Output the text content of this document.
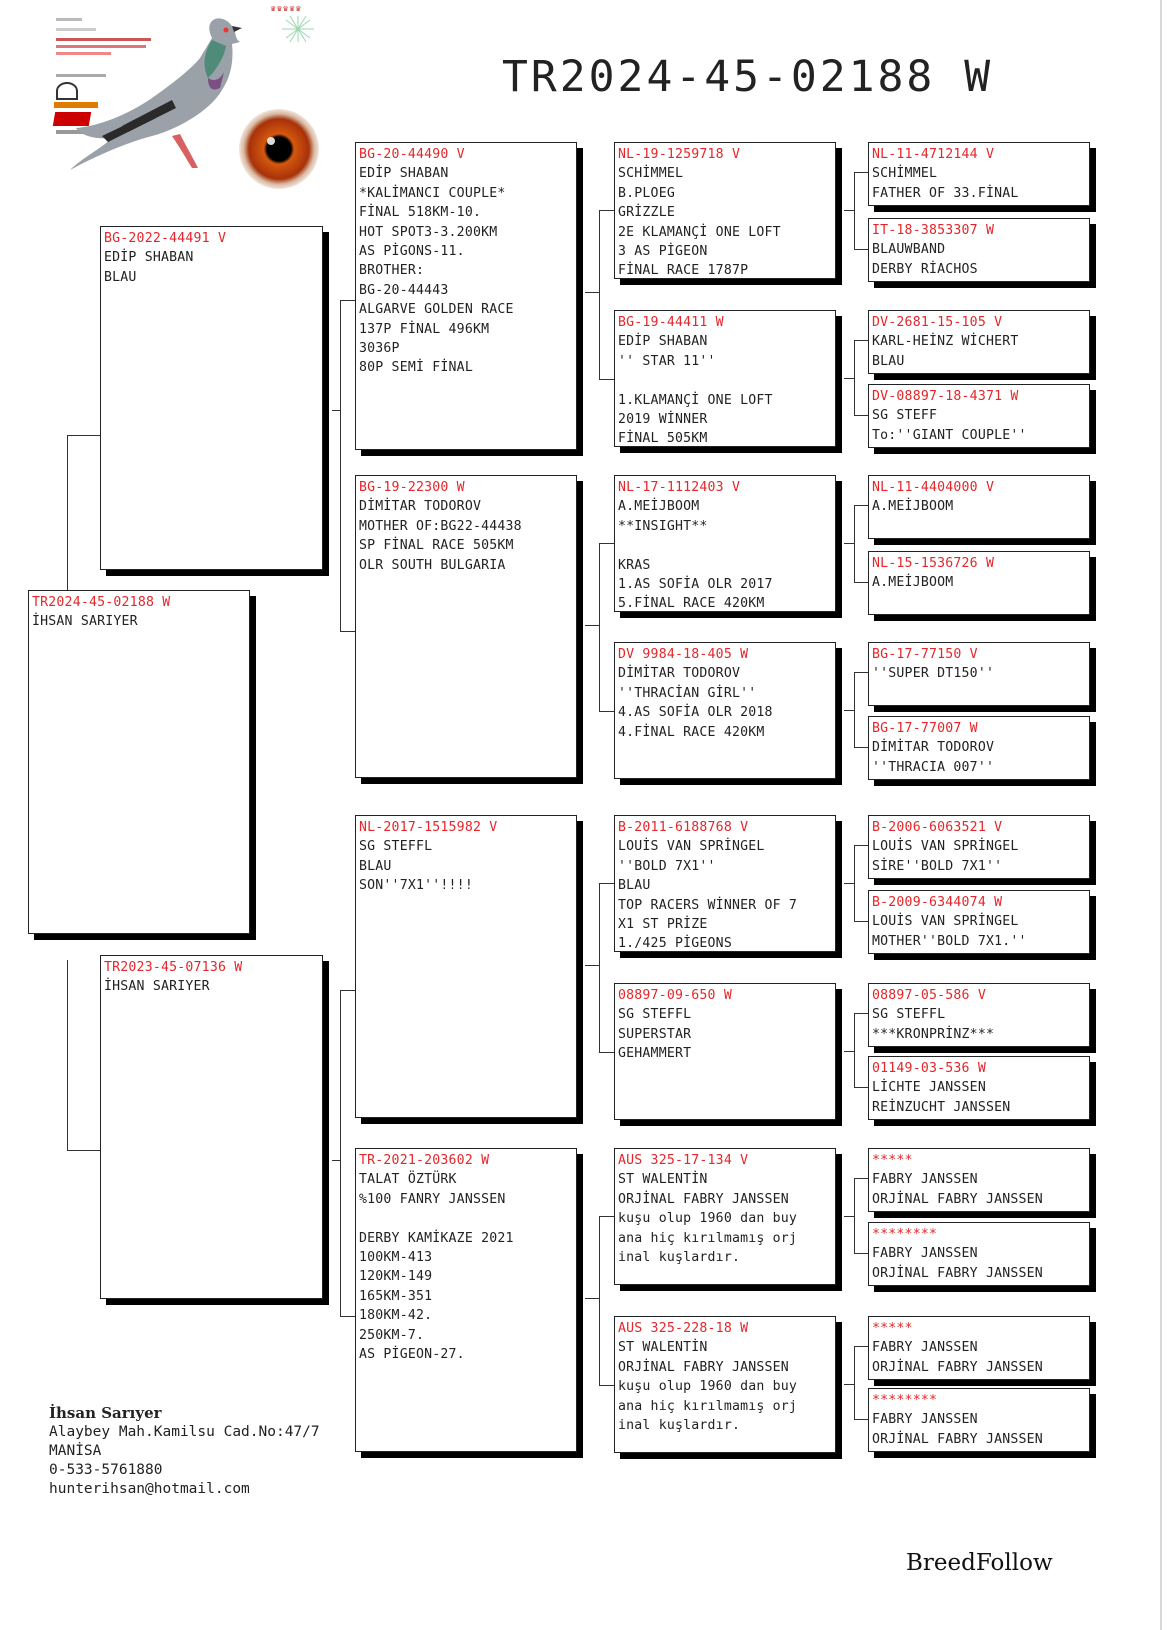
♛♛♛♛♛
TR2024-45-02188 W
TR2024-45-02188 W
İHSAN SARIYER
BG-2022-44491 V
EDİP SHABAN
BLAU
TR2023-45-07136 W
İHSAN SARIYER
BG-20-44490 V
EDİP SHABAN
*KALİMANCI COUPLE*
FİNAL 518KM-10.
HOT SPOT3-3.200KM
AS PİGONS-11.
BROTHER:
BG-20-44443
ALGARVE GOLDEN RACE
137P FİNAL 496KM
3036P
80P SEMİ FİNAL
BG-19-22300 W
DİMİTAR TODOROV
MOTHER OF:BG22-44438
SP FİNAL RACE 505KM
OLR SOUTH BULGARIA
NL-2017-1515982 V
SG STEFFL
BLAU
SON''7X1''!!!!
TR-2021-203602 W
TALAT ÖZTÜRK
%100 FANRY JANSSEN

DERBY KAMİKAZE 2021
100KM-413
120KM-149
165KM-351
180KM-42.
250KM-7.
AS PİGEON-27.
NL-19-1259718 V
SCHİMMEL
B.PLOEG
GRİZZLE
2E KLAMANÇİ ONE LOFT
3 AS PİGEON
FİNAL RACE 1787P
BG-19-44411 W
EDİP SHABAN
'' STAR 11''

1.KLAMANÇİ ONE LOFT
2019 WİNNER
FİNAL 505KM
NL-17-1112403 V
A.MEİJBOOM
**INSIGHT**

KRAS
1.AS SOFİA OLR 2017
5.FİNAL RACE 420KM
DV 9984-18-405 W
DİMİTAR TODOROV
''THRACİAN GİRL''
4.AS SOFİA OLR 2018
4.FİNAL RACE 420KM
B-2011-6188768 V
LOUİS VAN SPRİNGEL
''BOLD 7X1''
BLAU
TOP RACERS WİNNER OF 7
X1 ST PRİZE
1./425 PİGEONS
08897-09-650 W
SG STEFFL
SUPERSTAR
GEHAMMERT
AUS 325-17-134 V
ST WALENTİN
ORJİNAL FABRY JANSSEN
kuşu olup 1960 dan buy
ana hiç kırılmamış orj
inal kuşlardır.
AUS 325-228-18 W
ST WALENTİN
ORJİNAL FABRY JANSSEN
kuşu olup 1960 dan buy
ana hiç kırılmamış orj
inal kuşlardır.
NL-11-4712144 V
SCHİMMEL
FATHER OF 33.FİNAL
IT-18-3853307 W
BLAUWBAND
DERBY RİACHOS
DV-2681-15-105 V
KARL-HEİNZ WİCHERT
BLAU
DV-08897-18-4371 W
SG STEFF
To:''GIANT COUPLE''
NL-11-4404000 V
A.MEİJBOOM
NL-15-1536726 W
A.MEİJBOOM
BG-17-77150 V
''SUPER DT150''
BG-17-77007 W
DİMİTAR TODOROV
''THRACIA 007''
B-2006-6063521 V
LOUİS VAN SPRİNGEL
SİRE''BOLD 7X1''
B-2009-6344074 W
LOUİS VAN SPRİNGEL
MOTHER''BOLD 7X1.''
08897-05-586 V
SG STEFFL
***KRONPRİNZ***
01149-03-536 W
LİCHTE JANSSEN
REİNZUCHT JANSSEN
*****
FABRY JANSSEN
ORJİNAL FABRY JANSSEN
********
FABRY JANSSEN
ORJİNAL FABRY JANSSEN
*****
FABRY JANSSEN
ORJİNAL FABRY JANSSEN
********
FABRY JANSSEN
ORJİNAL FABRY JANSSEN
İhsan Sarıyer
Alaybey Mah.Kamilsu Cad.No:47/7
MANİSA
0-533-5761880
hunterihsan@hotmail.com
BreedFollow
